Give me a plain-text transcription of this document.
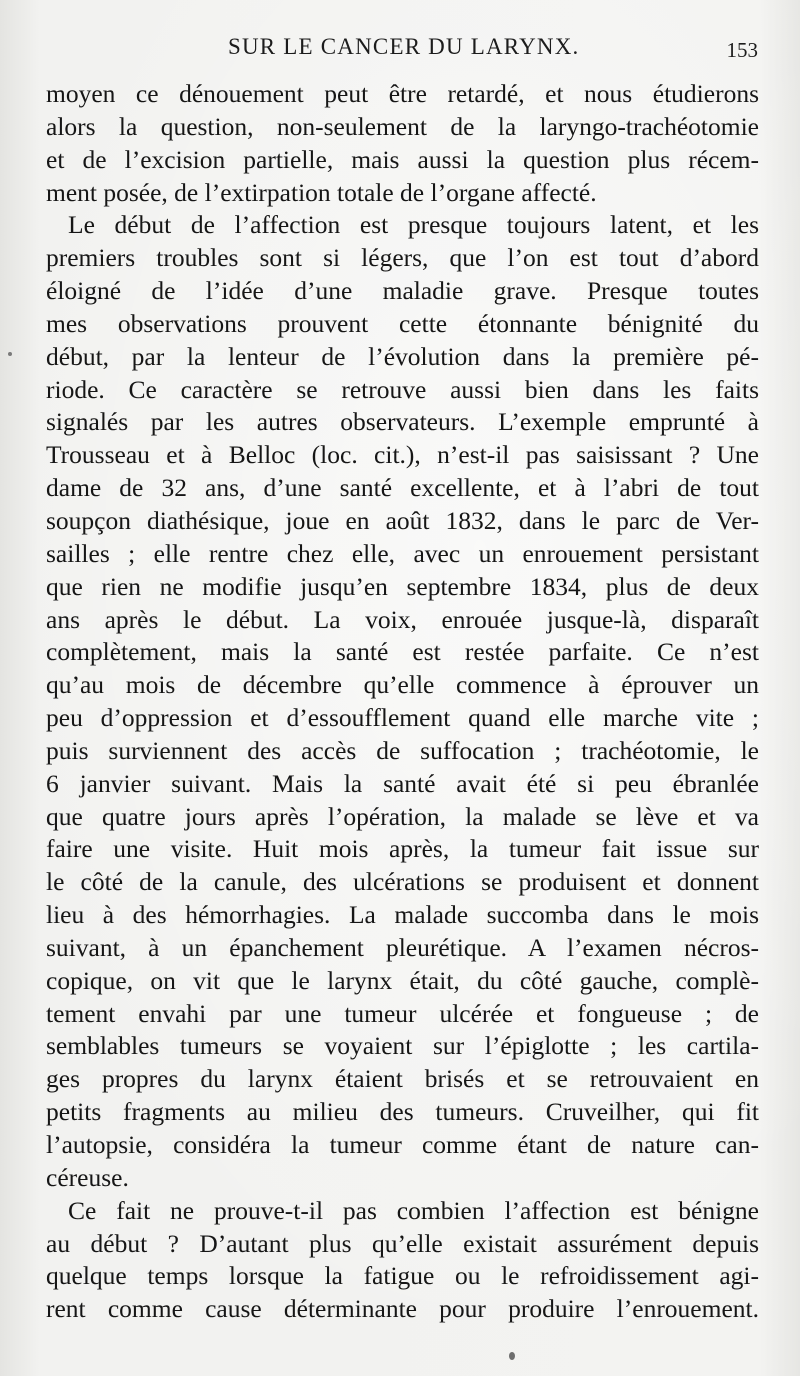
SUR LE CANCER DU LARYNX.	153
moyen ce dénouement peut être retardé, et nous étudierons
alors la question, non-seulement de la laryngo-trachéotomie
et de l’excision partielle, mais aussi la question plus récem-
ment posée, de l’extirpation totale de l’organe affecté.
Le début de l’affection est presque toujours latent, et les
premiers troubles sont si légers, que l’on est tout d’abord
éloigné de l’idée d’une maladie grave. Presque toutes
mes observations prouvent cette étonnante bénignité du
début, par la lenteur de l’évolution dans la première pé-
riode. Ce caractère se retrouve aussi bien dans les faits
signalés par les autres observateurs. L’exemple emprunté à
Trousseau et à Belloc (loc. cit.), n’est-il pas saisissant ? Une
dame de 32 ans, d’une santé excellente, et à l’abri de tout
soupçon diathésique, joue en août 1832, dans le parc de Ver-
sailles ; elle rentre chez elle, avec un enrouement persistant
que rien ne modifie jusqu’en septembre 1834, plus de deux
ans après le début. La voix, enrouée jusque-là, disparaît
complètement, mais la santé est restée parfaite. Ce n’est
qu’au mois de décembre qu’elle commence à éprouver un
peu d’oppression et d’essoufflement quand elle marche vite ;
puis surviennent des accès de suffocation ; trachéotomie, le
6 janvier suivant. Mais la santé avait été si peu ébranlée
que quatre jours après l’opération, la malade se lève et va
faire une visite. Huit mois après, la tumeur fait issue sur
le côté de la canule, des ulcérations se produisent et donnent
lieu à des hémorrhagies. La malade succomba dans le mois
suivant, à un épanchement pleurétique. A l’examen nécros-
copique, on vit que le larynx était, du côté gauche, complè-
tement envahi par une tumeur ulcérée et fongueuse ; de
semblables tumeurs se voyaient sur l’épiglotte ; les cartila-
ges propres du larynx étaient brisés et se retrouvaient en
petits fragments au milieu des tumeurs. Cruveilher, qui fit
l’autopsie, considéra la tumeur comme étant de nature can-
céreuse.
Ce fait ne prouve-t-il pas combien l’affection est bénigne
au début ? D’autant plus qu’elle existait assurément depuis
quelque temps lorsque la fatigue ou le refroidissement agi-
rent comme cause déterminante pour produire l’enrouement.
